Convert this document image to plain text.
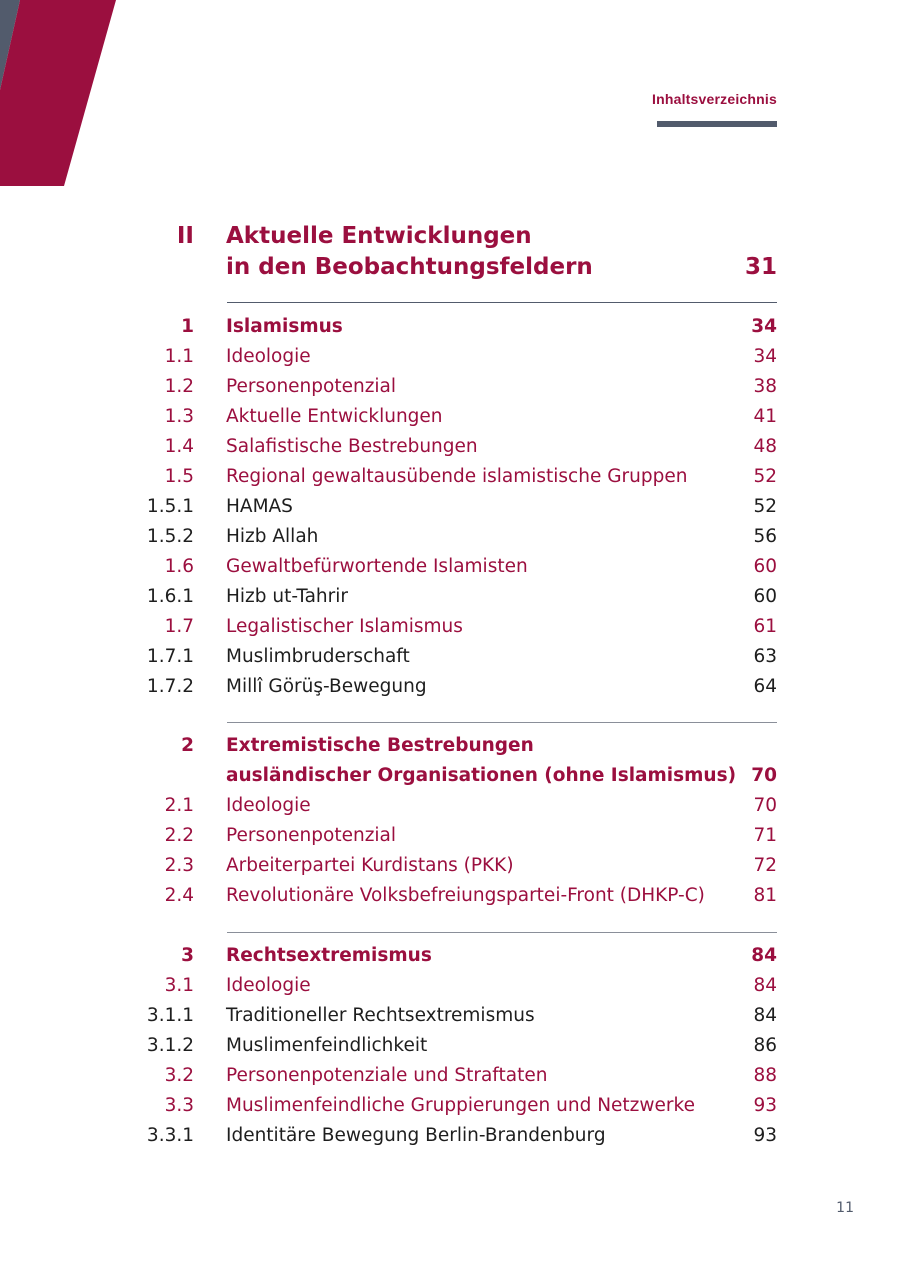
Inhaltsverzeichnis
II Aktuelle Entwicklungen
in den Beobachtungsfeldern	31
1 Islamismus	34
1.1 Ideologie	34
1.2 Personenpotenzial	38
1.3 Aktuelle Entwicklungen	41
1.4 Salafistische Bestrebungen	48
1.5 Regional gewaltausübende islamistische Gruppen	52
1.5.1 HAMAS	52
1.5.2 Hizb Allah	56
1.6 Gewaltbefürwortende Islamisten	60
1.6.1 Hizb ut-Tahrir	60
1.7 Legalistischer Islamismus	61
1.7.1 Muslimbruderschaft	63
1.7.2 Millî Görüş-Bewegung	64
2 Extremistische Bestrebungen
ausländischer Organisationen (ohne Islamismus) 70
2.1 Ideologie	70
2.2 Personenpotenzial	71
2.3 Arbeiterpartei Kurdistans (PKK)	72
2.4 Revolutionäre Volksbefreiungspartei-Front (DHKP-C)	81
3 Rechtsextremismus	84
3.1 Ideologie	84
3.1.1 Traditioneller Rechtsextremismus	84
3.1.2 Muslimenfeindlichkeit	86
3.2 Personenpotenziale und Straftaten	88
3.3 Muslimenfeindliche Gruppierungen und Netzwerke	93
3.3.1 Identitäre Bewegung Berlin-Brandenburg	93
11
